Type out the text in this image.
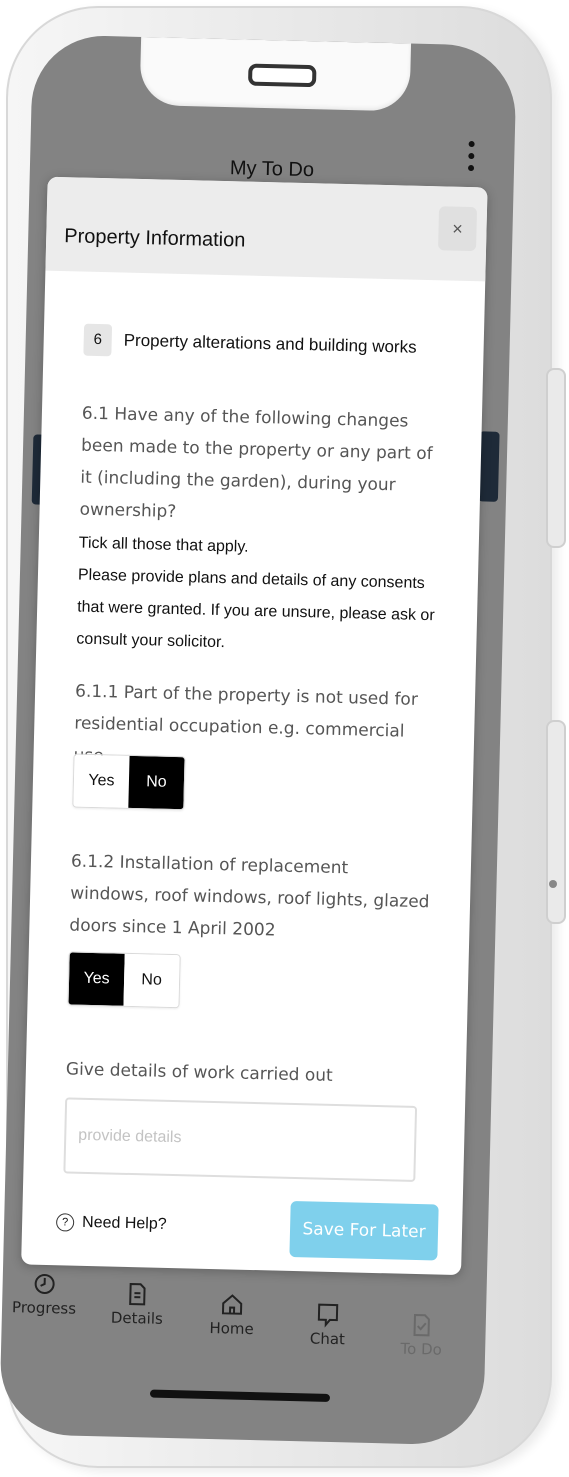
My To Do
Property Information	×
6	Property alterations and building works
6.1 Have any of the following changes been made to the property or any part of it (including the garden), during your ownership?
Tick all those that apply.
Please provide plans and details of any consents that were granted. If you are unsure, please ask or consult your solicitor.
6.1.1 Part of the property is not used for residential occupation e.g. commercial
Yes	No
6.1.2 Installation of replacement windows, roof windows, roof lights, glazed doors since 1 April 2002
Yes	No
Give details of work carried out
provide details
? Need Help?	Save For Later
Progress
Details
Home
Chat
To Do
